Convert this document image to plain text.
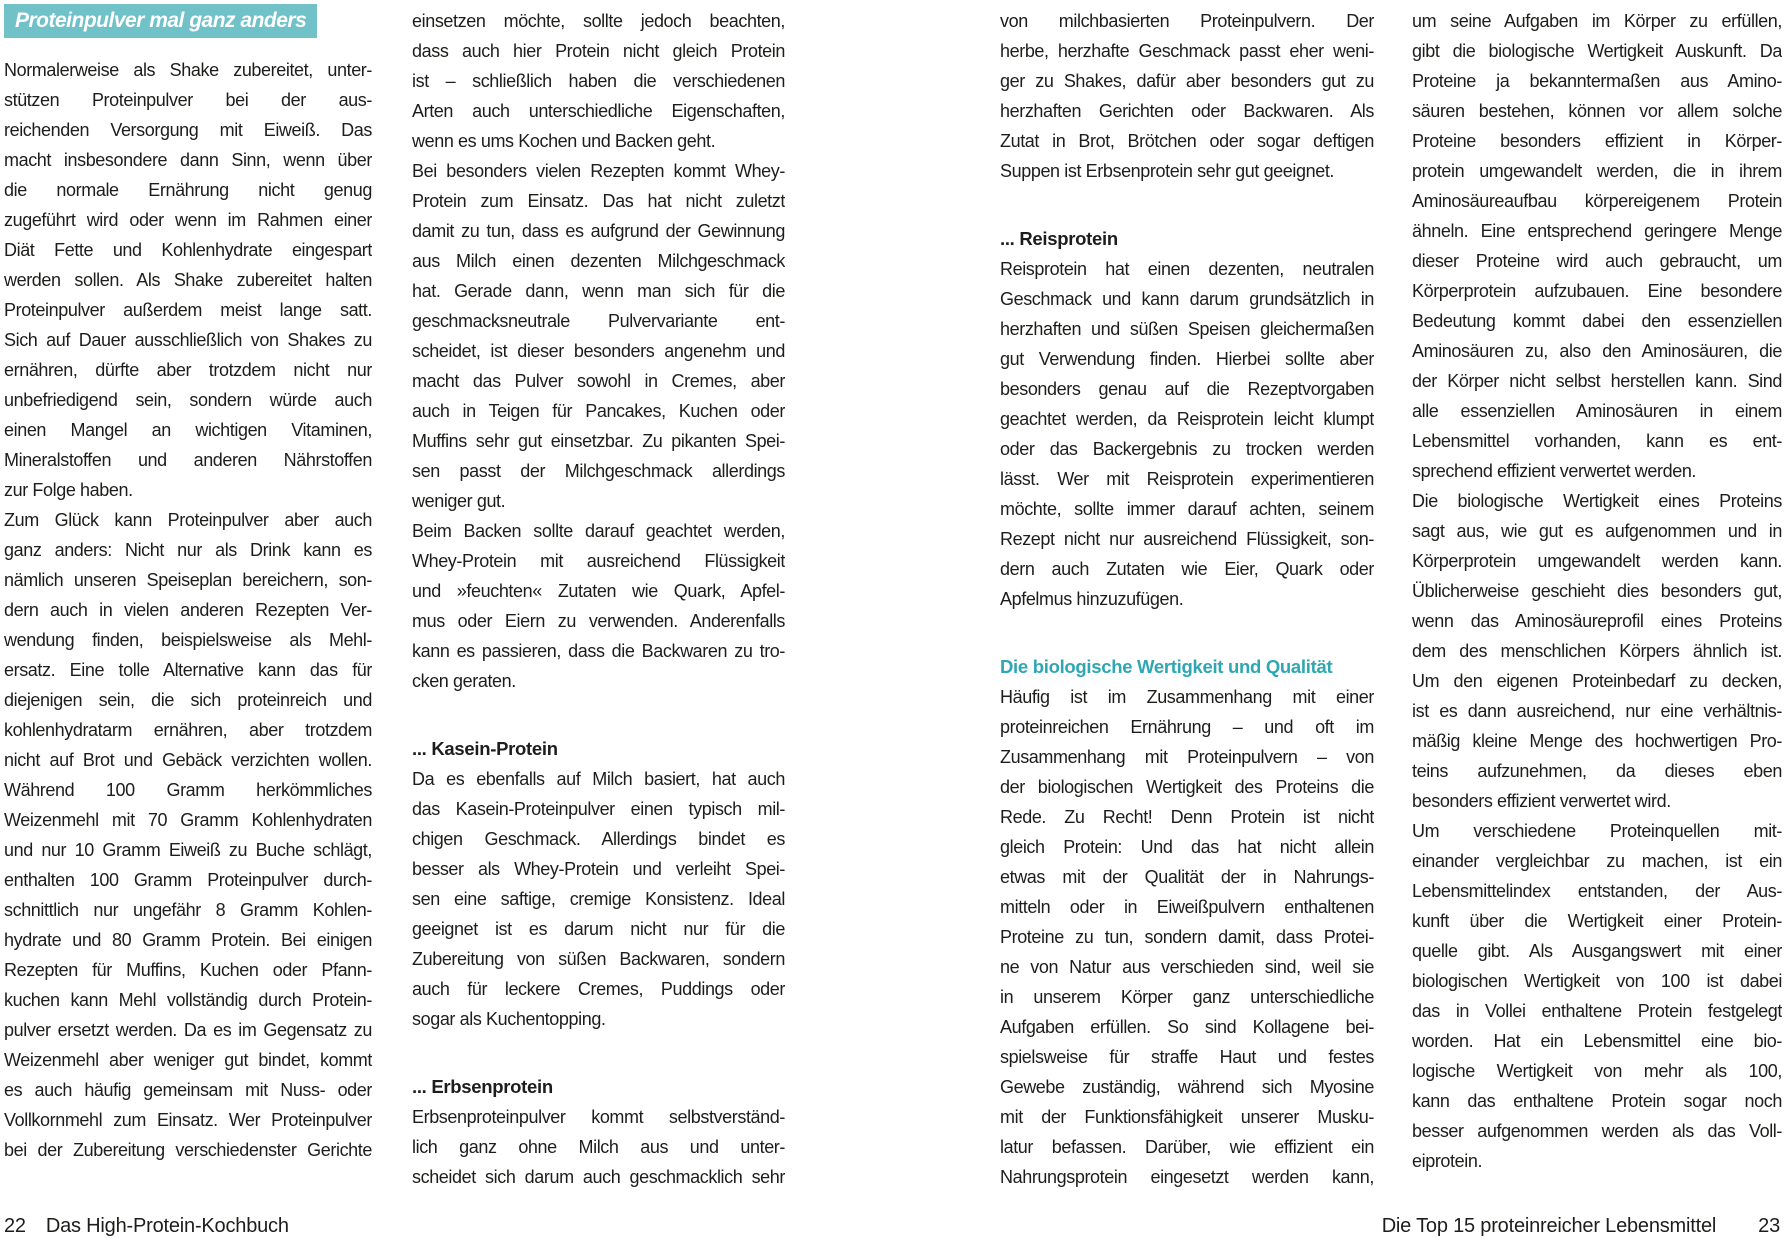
Proteinpulver mal ganz anders
Normalerweise als Shake zubereitet, unter-
stützen Proteinpulver bei der aus-
reichenden Versorgung mit Eiweiß. Das
macht insbesondere dann Sinn, wenn über
die normale Ernährung nicht genug
zugeführt wird oder wenn im Rahmen einer
Diät Fette und Kohlenhydrate eingespart
werden sollen. Als Shake zubereitet halten
Proteinpulver außerdem meist lange satt.
Sich auf Dauer ausschließlich von Shakes zu
ernähren, dürfte aber trotzdem nicht nur
unbefriedigend sein, sondern würde auch
einen Mangel an wichtigen Vitaminen,
Mineralstoffen und anderen Nährstoffen
zur Folge haben.
Zum Glück kann Proteinpulver aber auch
ganz anders: Nicht nur als Drink kann es
nämlich unseren Speiseplan bereichern, son-
dern auch in vielen anderen Rezepten Ver-
wendung finden, beispielsweise als Mehl-
ersatz. Eine tolle Alternative kann das für
diejenigen sein, die sich proteinreich und
kohlenhydratarm ernähren, aber trotzdem
nicht auf Brot und Gebäck verzichten wollen.
Während 100 Gramm herkömmliches
Weizenmehl mit 70 Gramm Kohlenhydraten
und nur 10 Gramm Eiweiß zu Buche schlägt,
enthalten 100 Gramm Proteinpulver durch-
schnittlich nur ungefähr 8 Gramm Kohlen-
hydrate und 80 Gramm Protein. Bei einigen
Rezepten für Muffins, Kuchen oder Pfann-
kuchen kann Mehl vollständig durch Protein-
pulver ersetzt werden. Da es im Gegensatz zu
Weizenmehl aber weniger gut bindet, kommt
es auch häufig gemeinsam mit Nuss- oder
Vollkornmehl zum Einsatz. Wer Proteinpulver
bei der Zubereitung verschiedenster Gerichte
einsetzen möchte, sollte jedoch beachten,
dass auch hier Protein nicht gleich Protein
ist – schließlich haben die verschiedenen
Arten auch unterschiedliche Eigenschaften,
wenn es ums Kochen und Backen geht.
Bei besonders vielen Rezepten kommt Whey-
Protein zum Einsatz. Das hat nicht zuletzt
damit zu tun, dass es aufgrund der Gewinnung
aus Milch einen dezenten Milchgeschmack
hat. Gerade dann, wenn man sich für die
geschmacksneutrale Pulvervariante ent-
scheidet, ist dieser besonders angenehm und
macht das Pulver sowohl in Cremes, aber
auch in Teigen für Pancakes, Kuchen oder
Muffins sehr gut einsetzbar. Zu pikanten Spei-
sen passt der Milchgeschmack allerdings
weniger gut.
Beim Backen sollte darauf geachtet werden,
Whey-Protein mit ausreichend Flüssigkeit
und »feuchten« Zutaten wie Quark, Apfel-
mus oder Eiern zu verwenden. Anderenfalls
kann es passieren, dass die Backwaren zu tro-
cken geraten.
... Kasein-Protein
Da es ebenfalls auf Milch basiert, hat auch
das Kasein-Proteinpulver einen typisch mil-
chigen Geschmack. Allerdings bindet es
besser als Whey-Protein und verleiht Spei-
sen eine saftige, cremige Konsistenz. Ideal
geeignet ist es darum nicht nur für die
Zubereitung von süßen Backwaren, sondern
auch für leckere Cremes, Puddings oder
sogar als Kuchentopping.
... Erbsenprotein
Erbsenproteinpulver kommt selbstverständ-
lich ganz ohne Milch aus und unter-
scheidet sich darum auch geschmacklich sehr
von milchbasierten Proteinpulvern. Der
herbe, herzhafte Geschmack passt eher weni-
ger zu Shakes, dafür aber besonders gut zu
herzhaften Gerichten oder Backwaren. Als
Zutat in Brot, Brötchen oder sogar deftigen
Suppen ist Erbsenprotein sehr gut geeignet.
... Reisprotein
Reisprotein hat einen dezenten, neutralen
Geschmack und kann darum grundsätzlich in
herzhaften und süßen Speisen gleichermaßen
gut Verwendung finden. Hierbei sollte aber
besonders genau auf die Rezeptvorgaben
geachtet werden, da Reisprotein leicht klumpt
oder das Backergebnis zu trocken werden
lässt. Wer mit Reisprotein experimentieren
möchte, sollte immer darauf achten, seinem
Rezept nicht nur ausreichend Flüssigkeit, son-
dern auch Zutaten wie Eier, Quark oder
Apfelmus hinzuzufügen.
Die biologische Wertigkeit und Qualität
Häufig ist im Zusammenhang mit einer
proteinreichen Ernährung – und oft im
Zusammenhang mit Proteinpulvern – von
der biologischen Wertigkeit des Proteins die
Rede. Zu Recht! Denn Protein ist nicht
gleich Protein: Und das hat nicht allein
etwas mit der Qualität der in Nahrungs-
mitteln oder in Eiweißpulvern enthaltenen
Proteine zu tun, sondern damit, dass Protei-
ne von Natur aus verschieden sind, weil sie
in unserem Körper ganz unterschiedliche
Aufgaben erfüllen. So sind Kollagene bei-
spielsweise für straffe Haut und festes
Gewebe zuständig, während sich Myosine
mit der Funktionsfähigkeit unserer Musku-
latur befassen. Darüber, wie effizient ein
Nahrungsprotein eingesetzt werden kann,
um seine Aufgaben im Körper zu erfüllen,
gibt die biologische Wertigkeit Auskunft. Da
Proteine ja bekanntermaßen aus Amino-
säuren bestehen, können vor allem solche
Proteine besonders effizient in Körper-
protein umgewandelt werden, die in ihrem
Aminosäureaufbau körpereigenem Protein
ähneln. Eine entsprechend geringere Menge
dieser Proteine wird auch gebraucht, um
Körperprotein aufzubauen. Eine besondere
Bedeutung kommt dabei den essenziellen
Aminosäuren zu, also den Aminosäuren, die
der Körper nicht selbst herstellen kann. Sind
alle essenziellen Aminosäuren in einem
Lebensmittel vorhanden, kann es ent-
sprechend effizient verwertet werden.
Die biologische Wertigkeit eines Proteins
sagt aus, wie gut es aufgenommen und in
Körperprotein umgewandelt werden kann.
Üblicherweise geschieht dies besonders gut,
wenn das Aminosäureprofil eines Proteins
dem des menschlichen Körpers ähnlich ist.
Um den eigenen Proteinbedarf zu decken,
ist es dann ausreichend, nur eine verhältnis-
mäßig kleine Menge des hochwertigen Pro-
teins aufzunehmen, da dieses eben
besonders effizient verwertet wird.
Um verschiedene Proteinquellen mit-
einander vergleichbar zu machen, ist ein
Lebensmittelindex entstanden, der Aus-
kunft über die Wertigkeit einer Protein-
quelle gibt. Als Ausgangswert mit einer
biologischen Wertigkeit von 100 ist dabei
das in Vollei enthaltene Protein festgelegt
worden. Hat ein Lebensmittel eine bio-
logische Wertigkeit von mehr als 100,
kann das enthaltene Protein sogar noch
besser aufgenommen werden als das Voll-
eiprotein.
22 Das High-Protein-Kochbuch	Die Top 15 proteinreicher Lebensmittel 23
